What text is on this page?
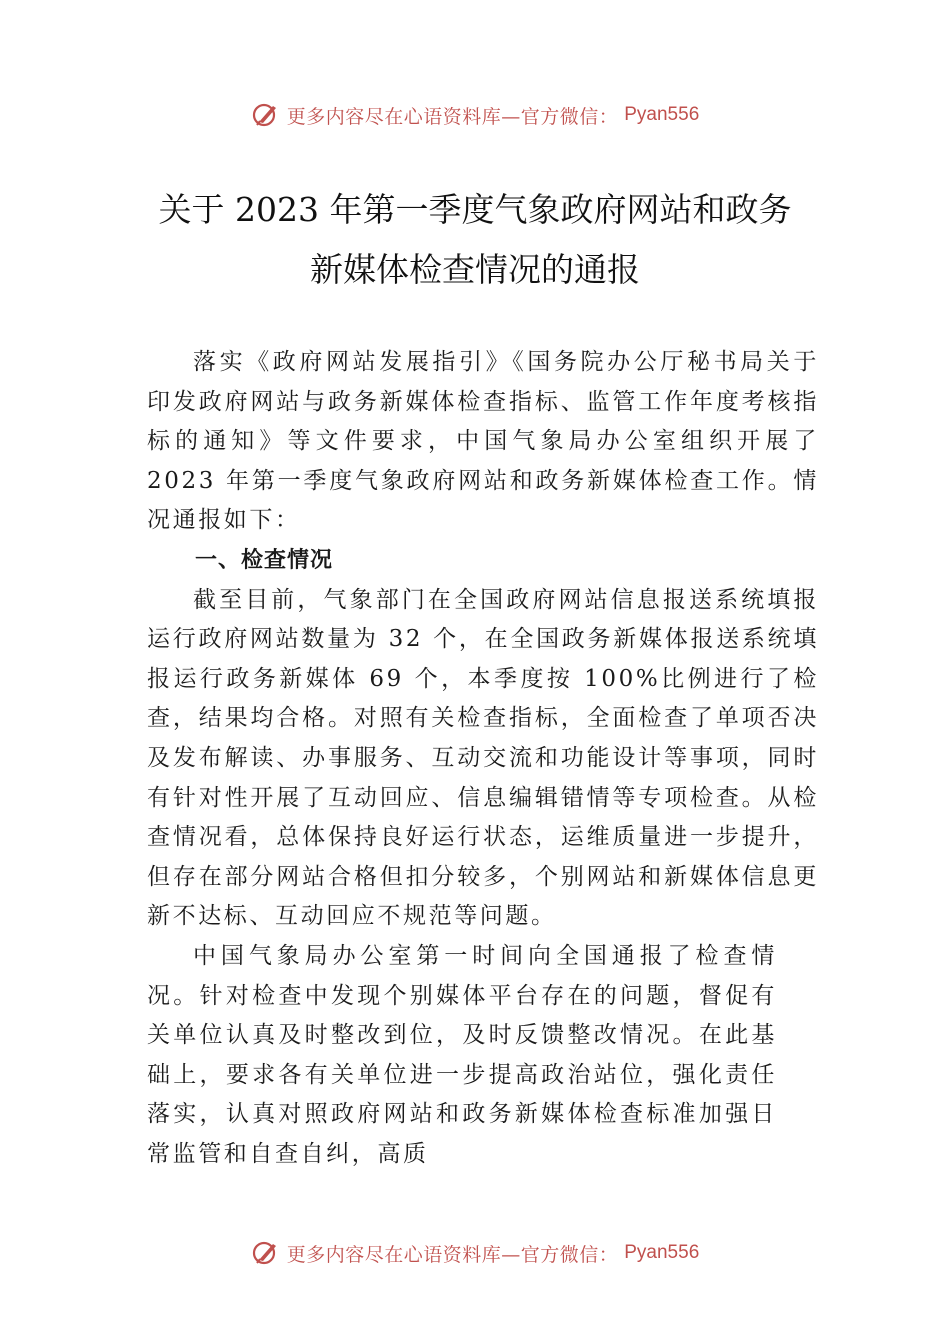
更多内容尽在心语资料库—官方微信： Pyan556
关于 2023 年第一季度气象政府网站和政务
新媒体检查情况的通报

落实《政府网站发展指引》《国务院办公厅秘书局关于印发政府网站与政务新媒体检查指标、监管工作年度考核指标的通知》等文件要求，中国气象局办公室组织开展了 2023 年第一季度气象政府网站和政务新媒体检查工作。情况通报如下：

一、检查情况

截至目前，气象部门在全国政府网站信息报送系统填报运行政府网站数量为 32 个，在全国政务新媒体报送系统填报运行政务新媒体 69 个，本季度按 100%比例进行了检查，结果均合格。对照有关检查指标，全面检查了单项否决及发布解读、办事服务、互动交流和功能设计等事项，同时有针对性开展了互动回应、信息编辑错情等专项检查。从检查情况看，总体保持良好运行状态，运维质量进一步提升，但存在部分网站合格但扣分较多，个别网站和新媒体信息更新不达标、互动回应不规范等问题。

中国气象局办公室第一时间向全国通报了检查情况。针对检查中发现个别媒体平台存在的问题，督促有关单位认真及时整改到位，及时反馈整改情况。在此基础上，要求各有关单位进一步提高政治站位，强化责任落实，认真对照政府网站和政务新媒体检查标准加强日常监管和自查自纠，高质

更多内容尽在心语资料库—官方微信： Pyan556
